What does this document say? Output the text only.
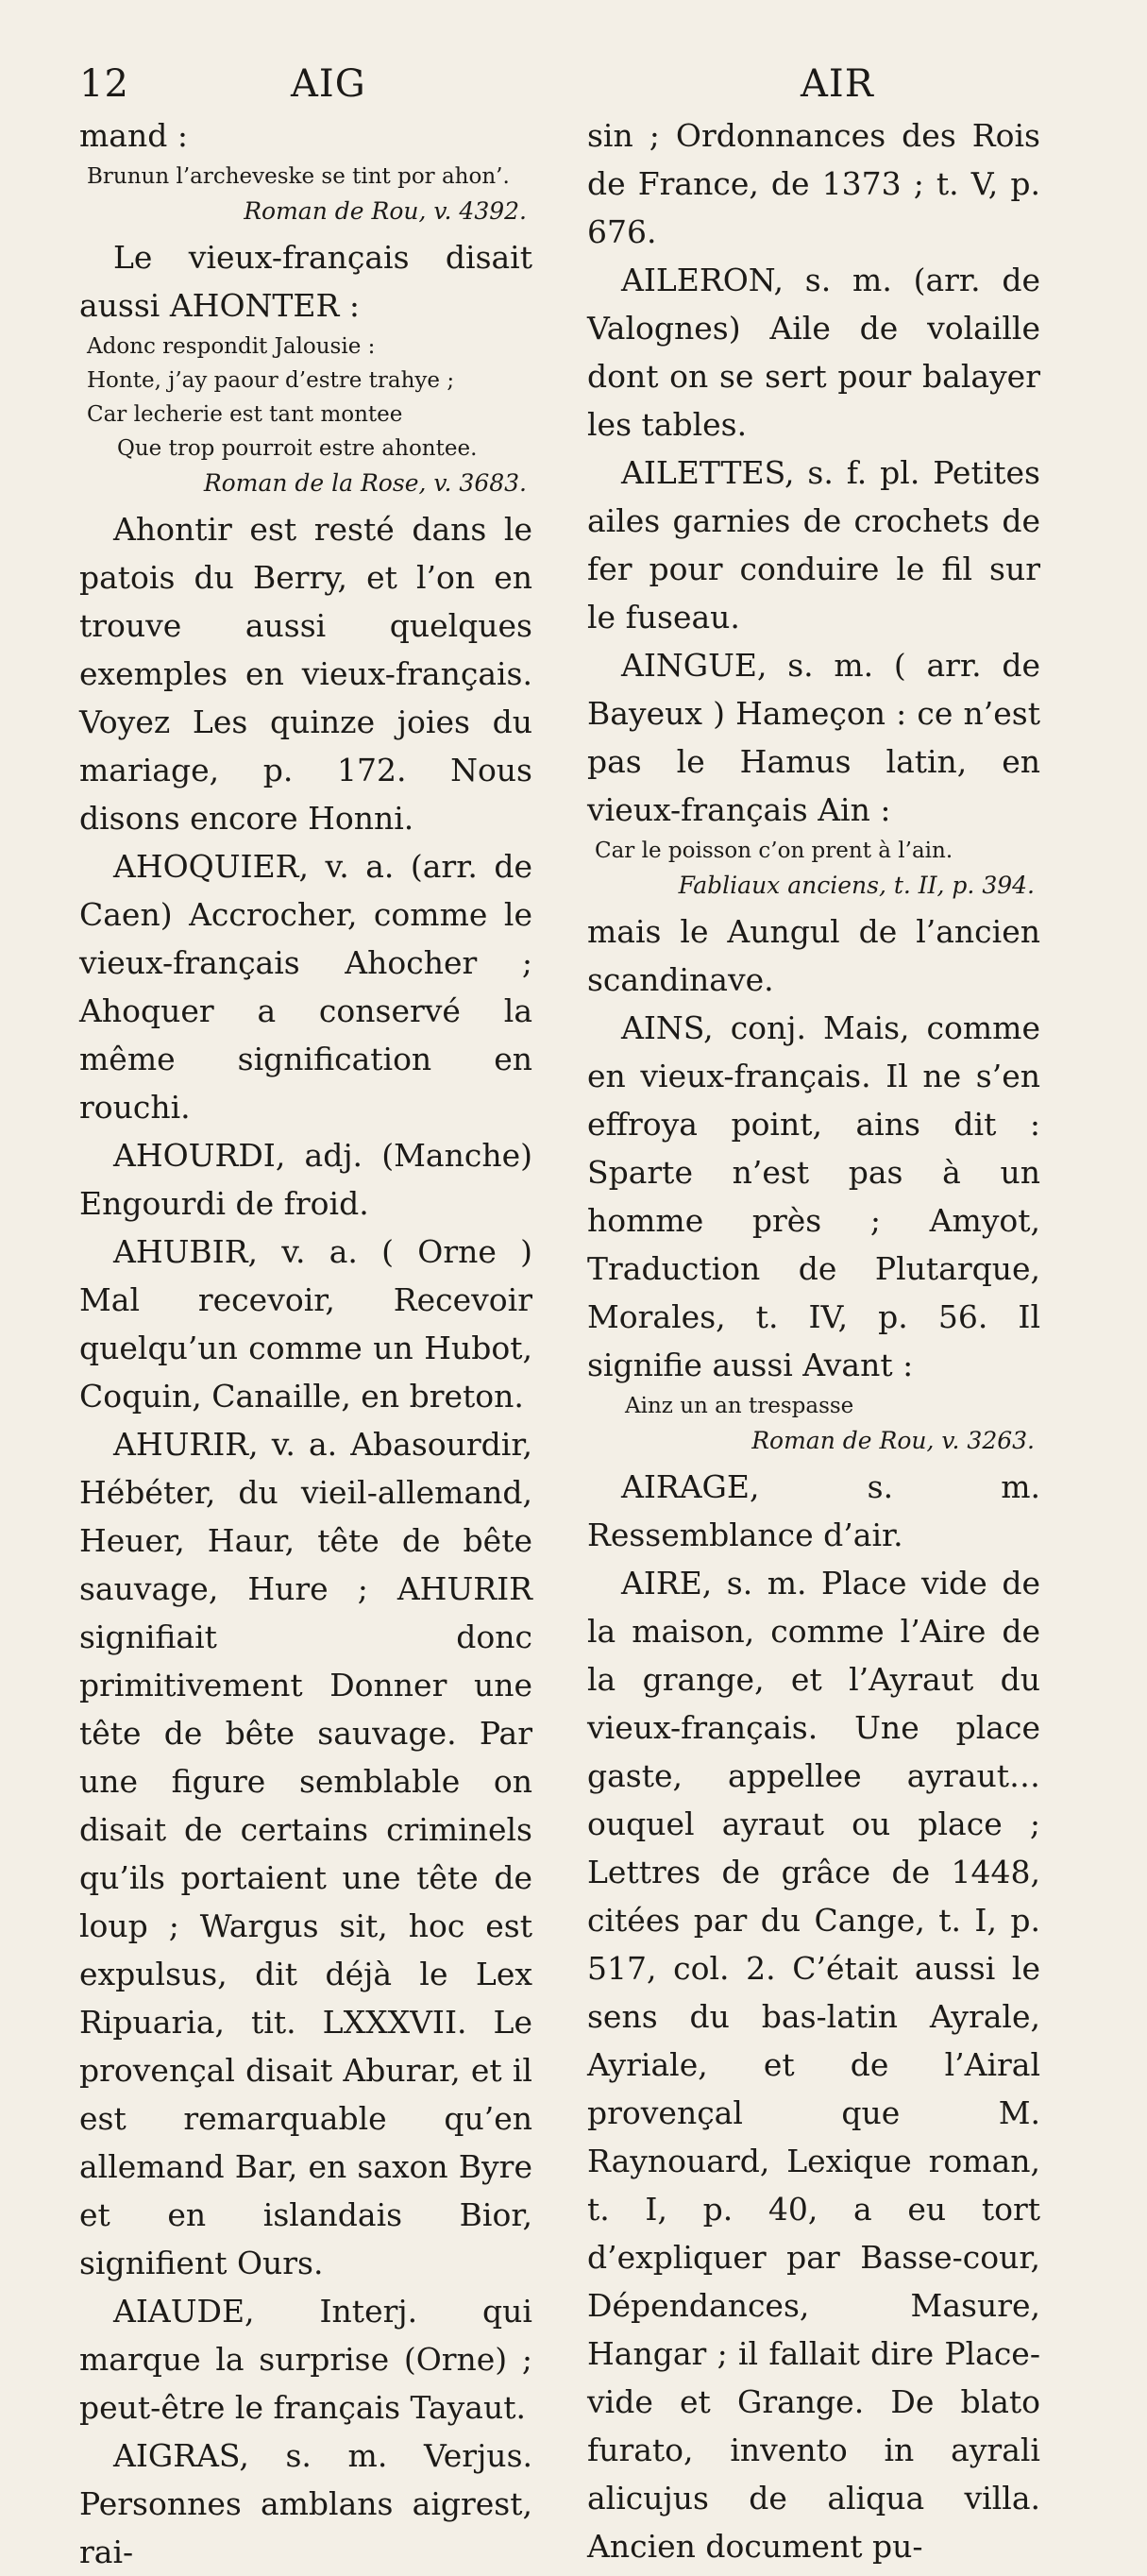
12	AIG	AIR

mand :

Brunun l’archeveske se tint por ahon’.

Roman de Rou, v. 4392.

Le vieux-français disait aussi AHONTER :

Adonc respondit Jalousie :

Honte, j’ay paour d’estre trahye ;

Car lecherie est tant montee

Que trop pourroit estre ahontee.

Roman de la Rose, v. 3683.

Ahontir est resté dans le patois du Berry, et l’on en trouve aussi quelques exemples en vieux-français. Voyez Les quinze joies du mariage, p. 172. Nous disons encore Honni.

AHOQUIER, v. a. (arr. de Caen) Accrocher, comme le vieux-français Ahocher ; Ahoquer a conservé la même signification en rouchi.

AHOURDI, adj. (Manche) Engourdi de froid.

AHUBIR, v. a. ( Orne ) Mal recevoir, Recevoir quelqu’un comme un Hubot, Coquin, Canaille, en breton.

AHURIR, v. a. Abasourdir, Hébéter, du vieil-allemand, Heuer, Haur, tête de bête sauvage, Hure ; AHURIR signifiait donc primitivement Donner une tête de bête sauvage. Par une figure semblable on disait de certains criminels qu’ils portaient une tête de loup ; Wargus sit, hoc est expulsus, dit déjà le Lex Ripuaria, tit. LXXXVII. Le provençal disait Aburar, et il est remarquable qu’en allemand Bar, en saxon Byre et en islandais Bior, signifient Ours.

AIAUDE, Interj. qui marque la surprise (Orne) ; peut-être le français Tayaut.

AIGRAS, s. m. Verjus. Personnes amblans aigrest, rai-

sin ; Ordonnances des Rois de France, de 1373 ; t. V, p. 676.

AILERON, s. m. (arr. de Valognes) Aile de volaille dont on se sert pour balayer les tables.

AILETTES, s. f. pl. Petites ailes garnies de crochets de fer pour conduire le fil sur le fuseau.

AINGUE, s. m. ( arr. de Bayeux ) Hameçon : ce n’est pas le Hamus latin, en vieux-français Ain :

Car le poisson c’on prent à l’ain.

Fabliaux anciens, t. II, p. 394.

mais le Aungul de l’ancien scandinave.

AINS, conj. Mais, comme en vieux-français. Il ne s’en effroya point, ains dit : Sparte n’est pas à un homme près ; Amyot, Traduction de Plutarque, Morales, t. IV, p. 56. Il signifie aussi Avant :

Ainz un an trespasse

Roman de Rou, v. 3263.

AIRAGE, s. m. Ressemblance d’air.

AIRE, s. m. Place vide de la maison, comme l’Aire de la grange, et l’Ayraut du vieux-français. Une place gaste, appellee ayraut… ouquel ayraut ou place ; Lettres de grâce de 1448, citées par du Cange, t. I, p. 517, col. 2. C’était aussi le sens du bas-latin Ayrale, Ayriale, et de l’Airal provençal que M. Raynouard, Lexique roman, t. I, p. 40, a eu tort d’expliquer par Basse-cour, Dépendances, Masure, Hangar ; il fallait dire Place-vide et Grange. De blato furato, invento in ayrali alicujus de aliqua villa. Ancien document pu-
